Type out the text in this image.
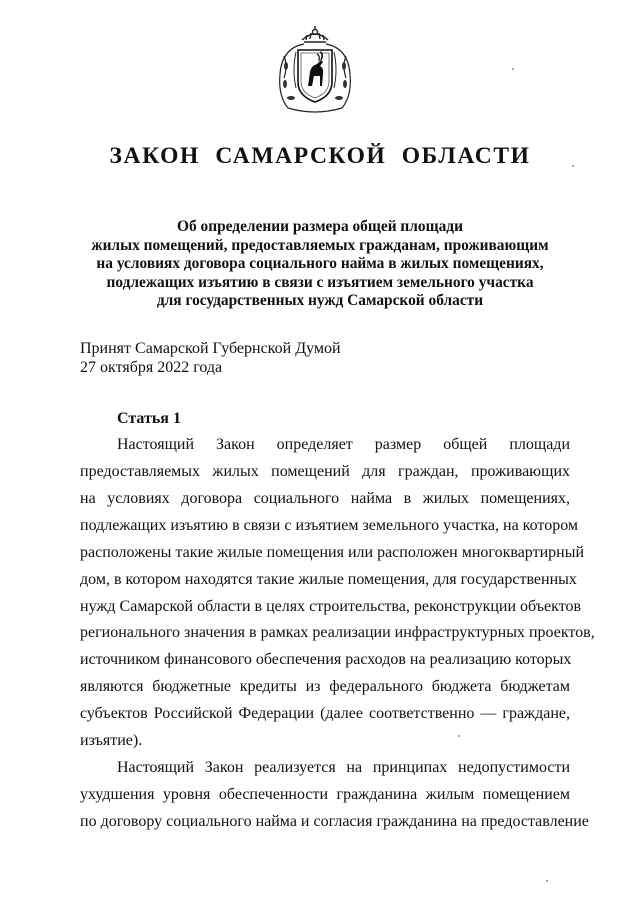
ЗАКОН САМАРСКОЙ ОБЛАСТИ
Об определении размера общей площади
жилых помещений, предоставляемых гражданам, проживающим
на условиях договора социального найма в жилых помещениях,
подлежащих изъятию в связи с изъятием земельного участка
для государственных нужд Самарской области
Принят Самарской Губернской Думой
27 октября 2022 года
Статья 1
Настоящий Закон определяет размер общей площади
предоставляемых жилых помещений для граждан, проживающих
на условиях договора социального найма в жилых помещениях,
подлежащих изъятию в связи с изъятием земельного участка, на котором
расположены такие жилые помещения или расположен многоквартирный
дом, в котором находятся такие жилые помещения, для государственных
нужд Самарской области в целях строительства, реконструкции объектов
регионального значения в рамках реализации инфраструктурных проектов,
источником финансового обеспечения расходов на реализацию которых
являются бюджетные кредиты из федерального бюджета бюджетам
субъектов Российской Федерации (далее соответственно — граждане,
изъятие).
Настоящий Закон реализуется на принципах недопустимости
ухудшения уровня обеспеченности гражданина жилым помещением
по договору социального найма и согласия гражданина на предоставление
